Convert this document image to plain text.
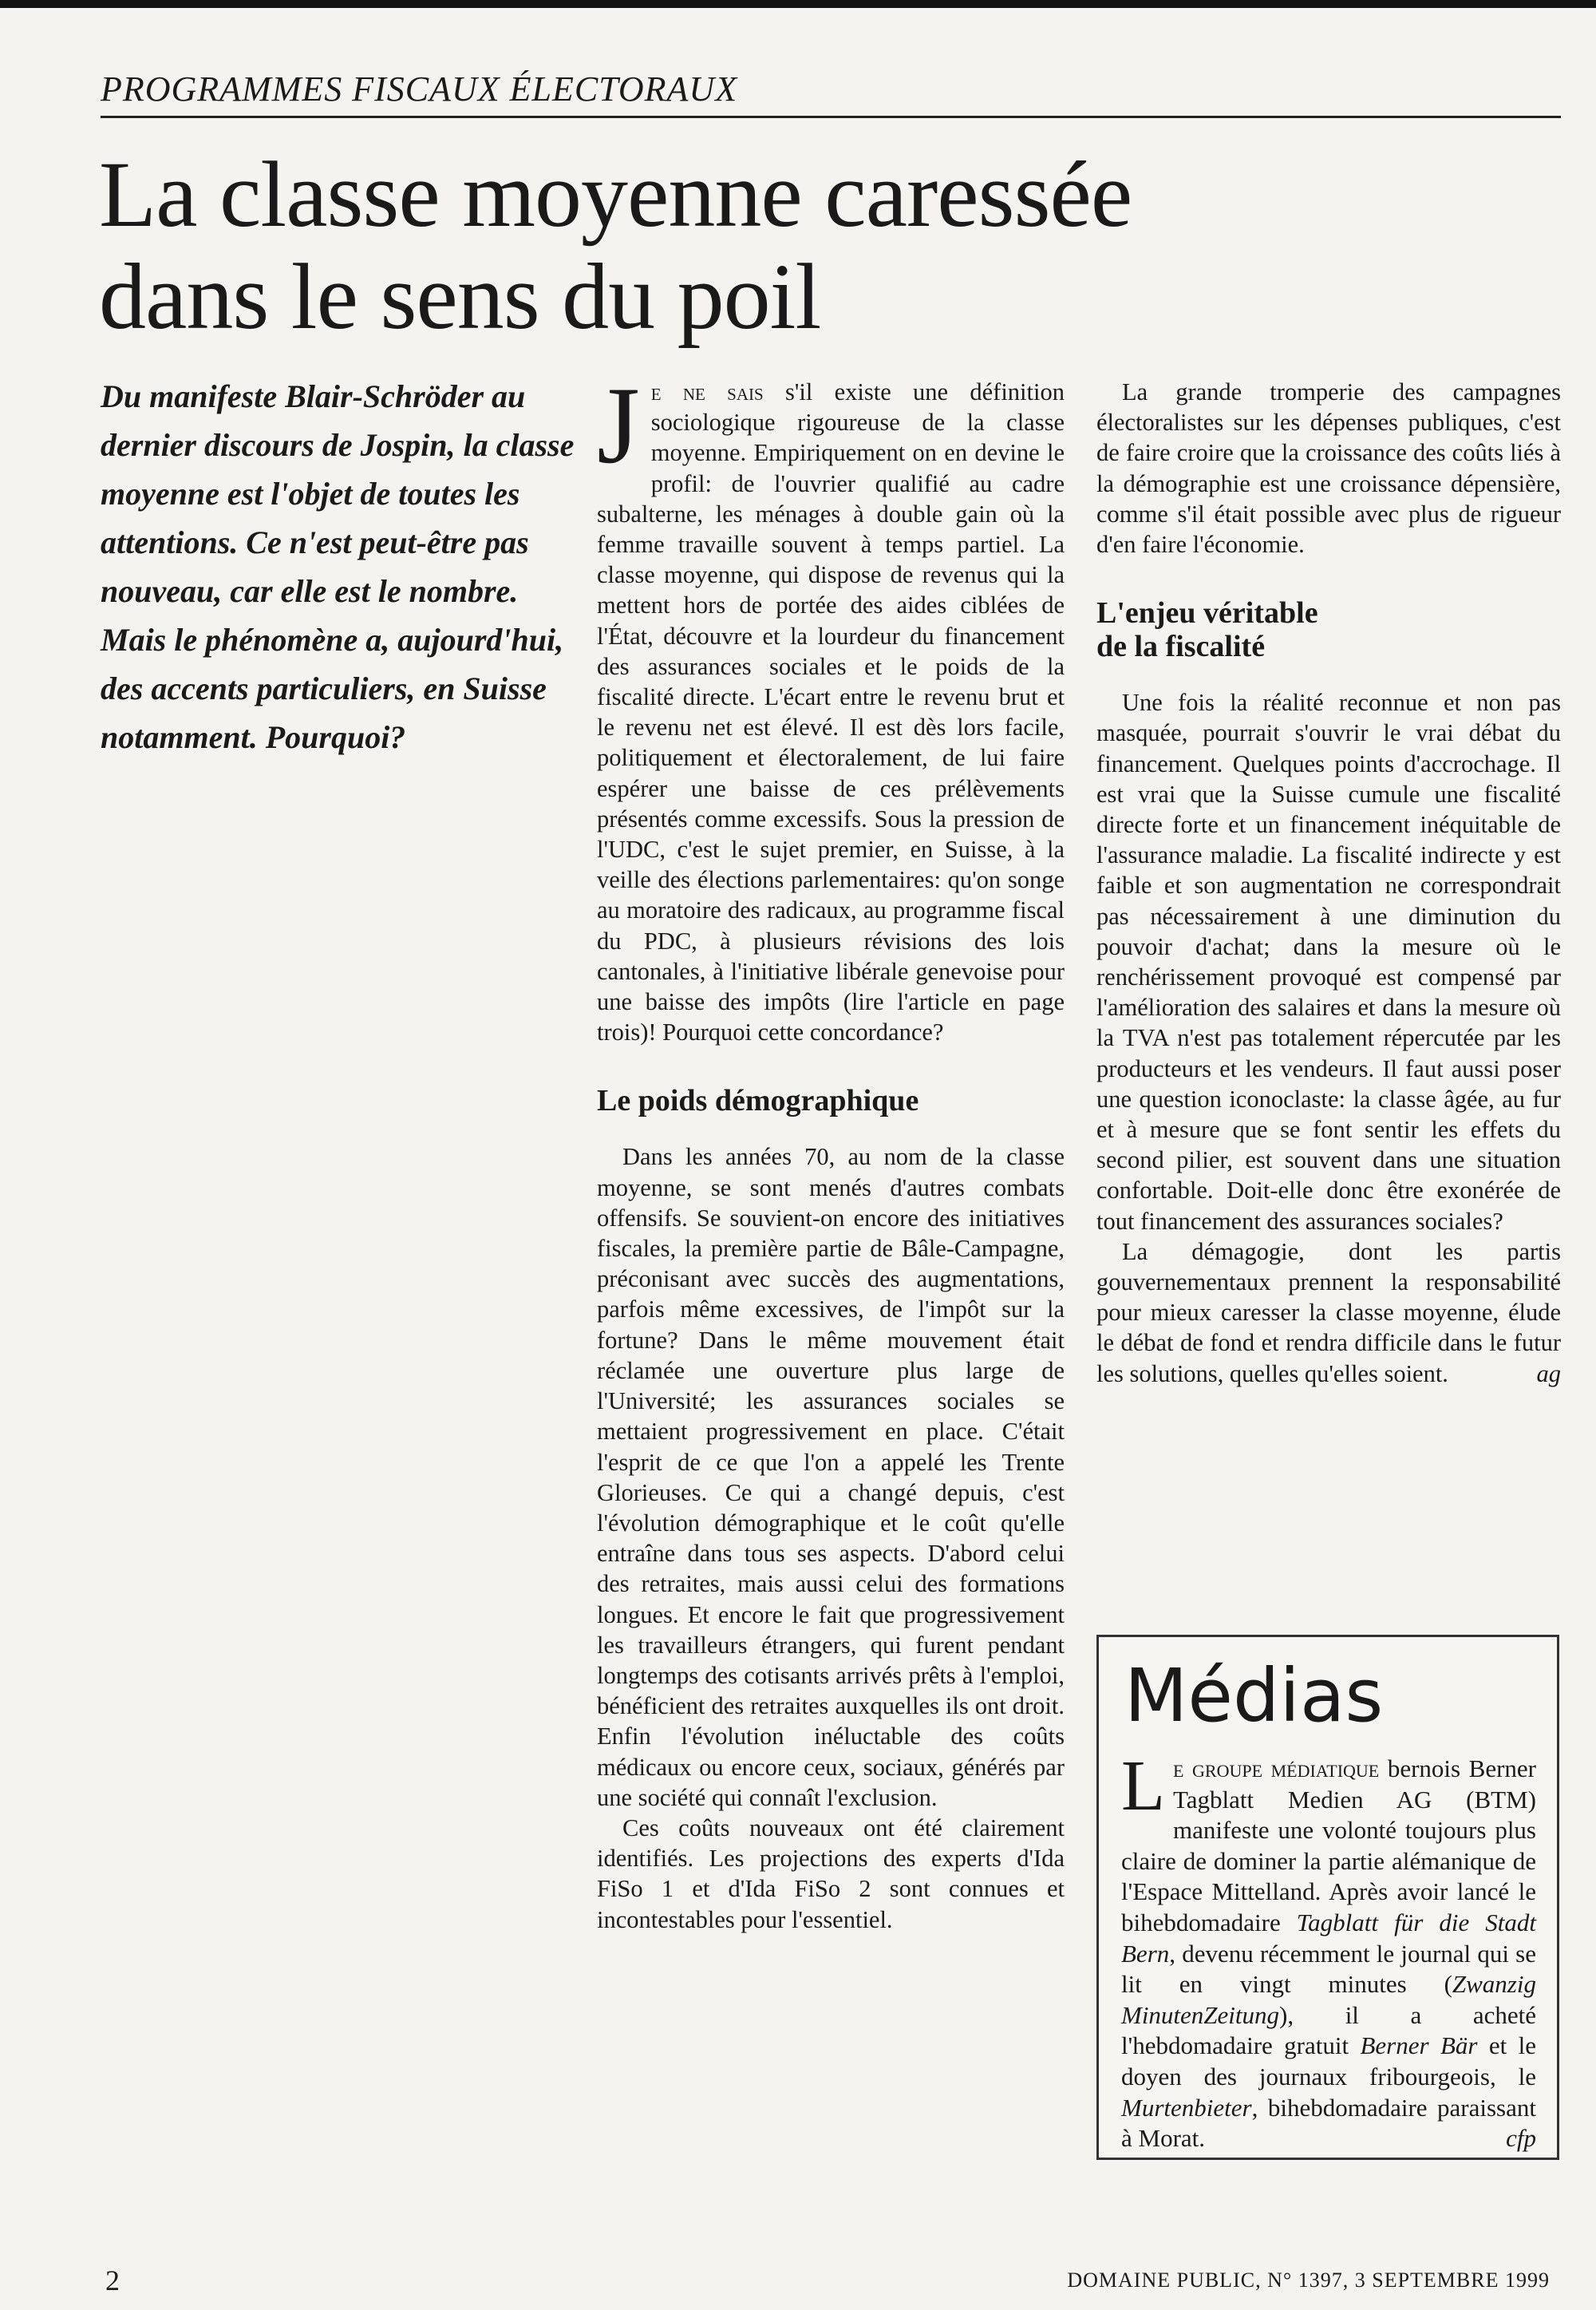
PROGRAMMES FISCAUX ÉLECTORAUX
La classe moyenne caressée
dans le sens du poil

Du manifeste Blair-Schröder au dernier discours de Jospin, la classe moyenne est l'objet de toutes les attentions. Ce n'est peut-être pas nouveau, car elle est le nombre.

Mais le phénomène a, aujourd'hui, des accents particuliers, en Suisse notamment. Pourquoi?

Je ne sais s'il existe une définition sociologique rigoureuse de la classe moyenne. Empiriquement on en devine le profil: de l'ouvrier qualifié au cadre subalterne, les ménages à double gain où la femme travaille souvent à temps partiel. La classe moyenne, qui dispose de revenus qui la mettent hors de portée des aides ciblées de l'État, découvre et la lourdeur du financement des assurances sociales et le poids de la fiscalité directe. L'écart entre le revenu brut et le revenu net est élevé. Il est dès lors facile, politiquement et électoralement, de lui faire espérer une baisse de ces prélèvements présentés comme excessifs. Sous la pression de l'UDC, c'est le sujet premier, en Suisse, à la veille des élections parlementaires: qu'on songe au moratoire des radicaux, au programme fiscal du PDC, à plusieurs révisions des lois cantonales, à l'initiative libérale genevoise pour une baisse des impôts (lire l'article en page trois)! Pourquoi cette concordance?

Le poids démographique

Dans les années 70, au nom de la classe moyenne, se sont menés d'autres combats offensifs. Se souvient-on encore des initiatives fiscales, la première partie de Bâle-Campagne, préconisant avec succès des augmentations, parfois même excessives, de l'impôt sur la fortune? Dans le même mouvement était réclamée une ouverture plus large de l'Université; les assurances sociales se mettaient progressivement en place. C'était l'esprit de ce que l'on a appelé les Trente Glorieuses. Ce qui a changé depuis, c'est l'évolution démographique et le coût qu'elle entraîne dans tous ses aspects. D'abord celui des retraites, mais aussi celui des formations longues. Et encore le fait que progressivement les travailleurs étrangers, qui furent pendant longtemps des cotisants arrivés prêts à l'emploi, bénéficient des retraites auxquelles ils ont droit. Enfin l'évolution inéluctable des coûts médicaux ou encore ceux, sociaux, générés par une société qui connaît l'exclusion.

Ces coûts nouveaux ont été clairement identifiés. Les projections des experts d'Ida FiSo 1 et d'Ida FiSo 2 sont connues et incontestables pour l'essentiel.

La grande tromperie des campagnes électoralistes sur les dépenses publiques, c'est de faire croire que la croissance des coûts liés à la démographie est une croissance dépensière, comme s'il était possible avec plus de rigueur d'en faire l'économie.

L'enjeu véritable
de la fiscalité

Une fois la réalité reconnue et non pas masquée, pourrait s'ouvrir le vrai débat du financement. Quelques points d'accrochage. Il est vrai que la Suisse cumule une fiscalité directe forte et un financement inéquitable de l'assurance maladie. La fiscalité indirecte y est faible et son augmentation ne correspondrait pas nécessairement à une diminution du pouvoir d'achat; dans la mesure où le renchérissement provoqué est compensé par l'amélioration des salaires et dans la mesure où la TVA n'est pas totalement répercutée par les producteurs et les vendeurs. Il faut aussi poser une question iconoclaste: la classe âgée, au fur et à mesure que se font sentir les effets du second pilier, est souvent dans une situation confortable. Doit-elle donc être exonérée de tout financement des assurances sociales?

La démagogie, dont les partis gouvernementaux prennent la responsabilité pour mieux caresser la classe moyenne, élude le débat de fond et rendra difficile dans le futur les solutions, quelles qu'elles soient.	ag

Médias
Le groupe médiatique bernois Berner Tagblatt Medien AG (BTM) manifeste une volonté toujours plus claire de dominer la partie alémanique de l'Espace Mittelland. Après avoir lancé le bihebdomadaire Tagblatt für die Stadt Bern, devenu récemment le journal qui se lit en vingt minutes (Zwanzig MinutenZeitung), il a acheté l'hebdomadaire gratuit Berner Bär et le doyen des journaux fribourgeois, le Murtenbieter, bihebdomadaire paraissant à Morat.	cfp
2	DOMAINE PUBLIC, N° 1397, 3 SEPTEMBRE 1999
